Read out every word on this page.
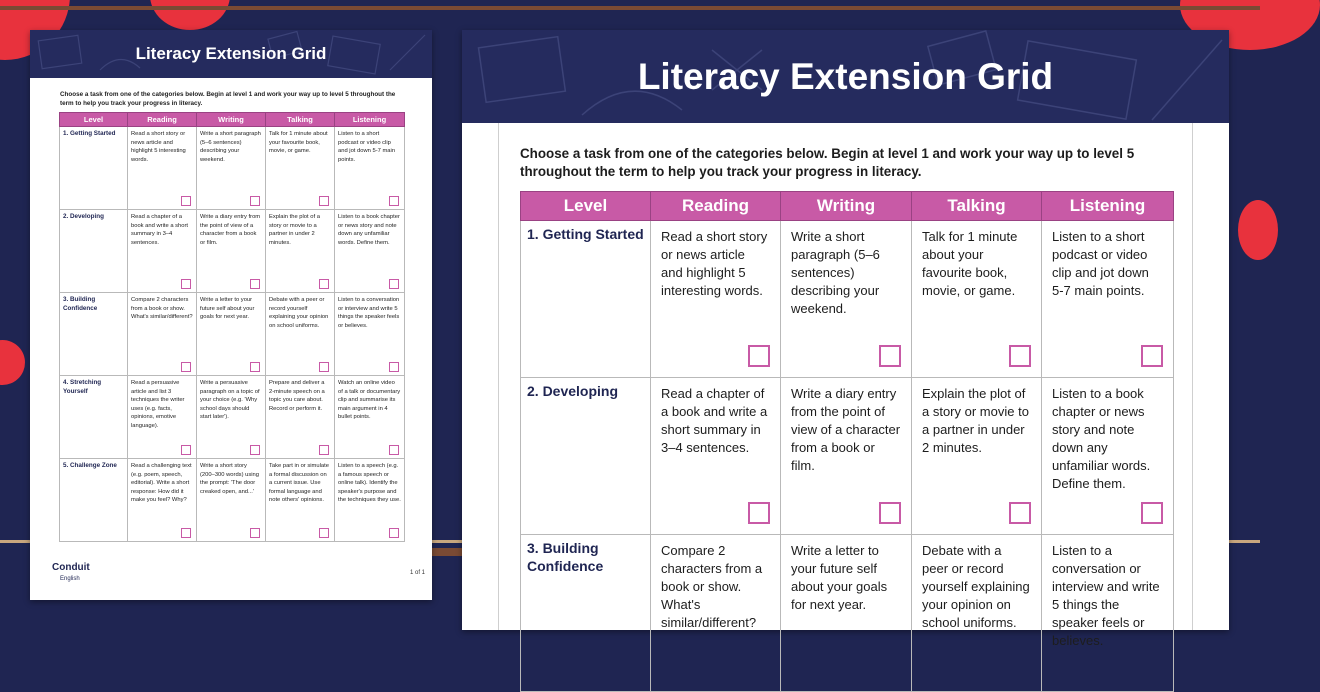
Literacy Extension Grid
Choose a task from one of the categories below. Begin at level 1 and work your way up to level 5 throughout the term to help you track your progress in literacy.
Level	Reading	Writing	Talking	Listening
1. Getting Started	Read a short story or news article and highlight 5 interesting words.	Write a short paragraph (5–6 sentences) describing your weekend.	Talk for 1 minute about your favourite book, movie, or game.	Listen to a short podcast or video clip and jot down 5-7 main points.

2. Developing	Read a chapter of a book and write a short summary in 3–4 sentences.	Write a diary entry from the point of view of a character from a book or film.	Explain the plot of a story or movie to a partner in under 2 minutes.	Listen to a book chapter or news story and note down any unfamiliar words. Define them.

3. Building Confidence	Compare 2 characters from a book or show. What's similar/different?	Write a letter to your future self about your goals for next year.	Debate with a peer or record yourself explaining your opinion on school uniforms.	Listen to a conversation or interview and write 5 things the speaker feels or believes.

4. Stretching Yourself	Read a persuasive article and list 3 techniques the writer uses (e.g. facts, opinions, emotive language).	Write a persuasive paragraph on a topic of your choice (e.g. 'Why school days should start later').	Prepare and deliver a 2-minute speech on a topic you care about. Record or perform it.	Watch an online video of a talk or documentary clip and summarise its main argument in 4 bullet points.

5. Challenge Zone	Read a challenging text (e.g. poem, speech, editorial). Write a short response: How did it make you feel? Why?	Write a short story (200–300 words) using the prompt: 'The door creaked open, and...'	Take part in or simulate a formal discussion on a current issue. Use formal language and note others' opinions.	Listen to a speech (e.g. a famous speech or online talk). Identify the speaker's purpose and the techniques they use.
Conduit
English
1 of 1
Literacy Extension Grid
Choose a task from one of the categories below. Begin at level 1 and work your way up to level 5 throughout the term to help you track your progress in literacy.
Level	Reading	Writing	Talking	Listening
1. Getting Started	Read a short story or news article and highlight 5 interesting words.	Write a short paragraph (5–6 sentences) describing your weekend.	Talk for 1 minute about your favourite book, movie, or game.	Listen to a short podcast or video clip and jot down 5-7 main points.

2. Developing	Read a chapter of a book and write a short summary in 3–4 sentences.	Write a diary entry from the point of view of a character from a book or film.	Explain the plot of a story or movie to a partner in under 2 minutes.	Listen to a book chapter or news story and note down any unfamiliar words. Define them.

3. Building Confidence	Compare 2 characters from a book or show. What's similar/different?	Write a letter to your future self about your goals for next year.	Debate with a peer or record yourself explaining your opinion on school uniforms.	Listen to a conversation or interview and write 5 things the speaker feels or believes.
